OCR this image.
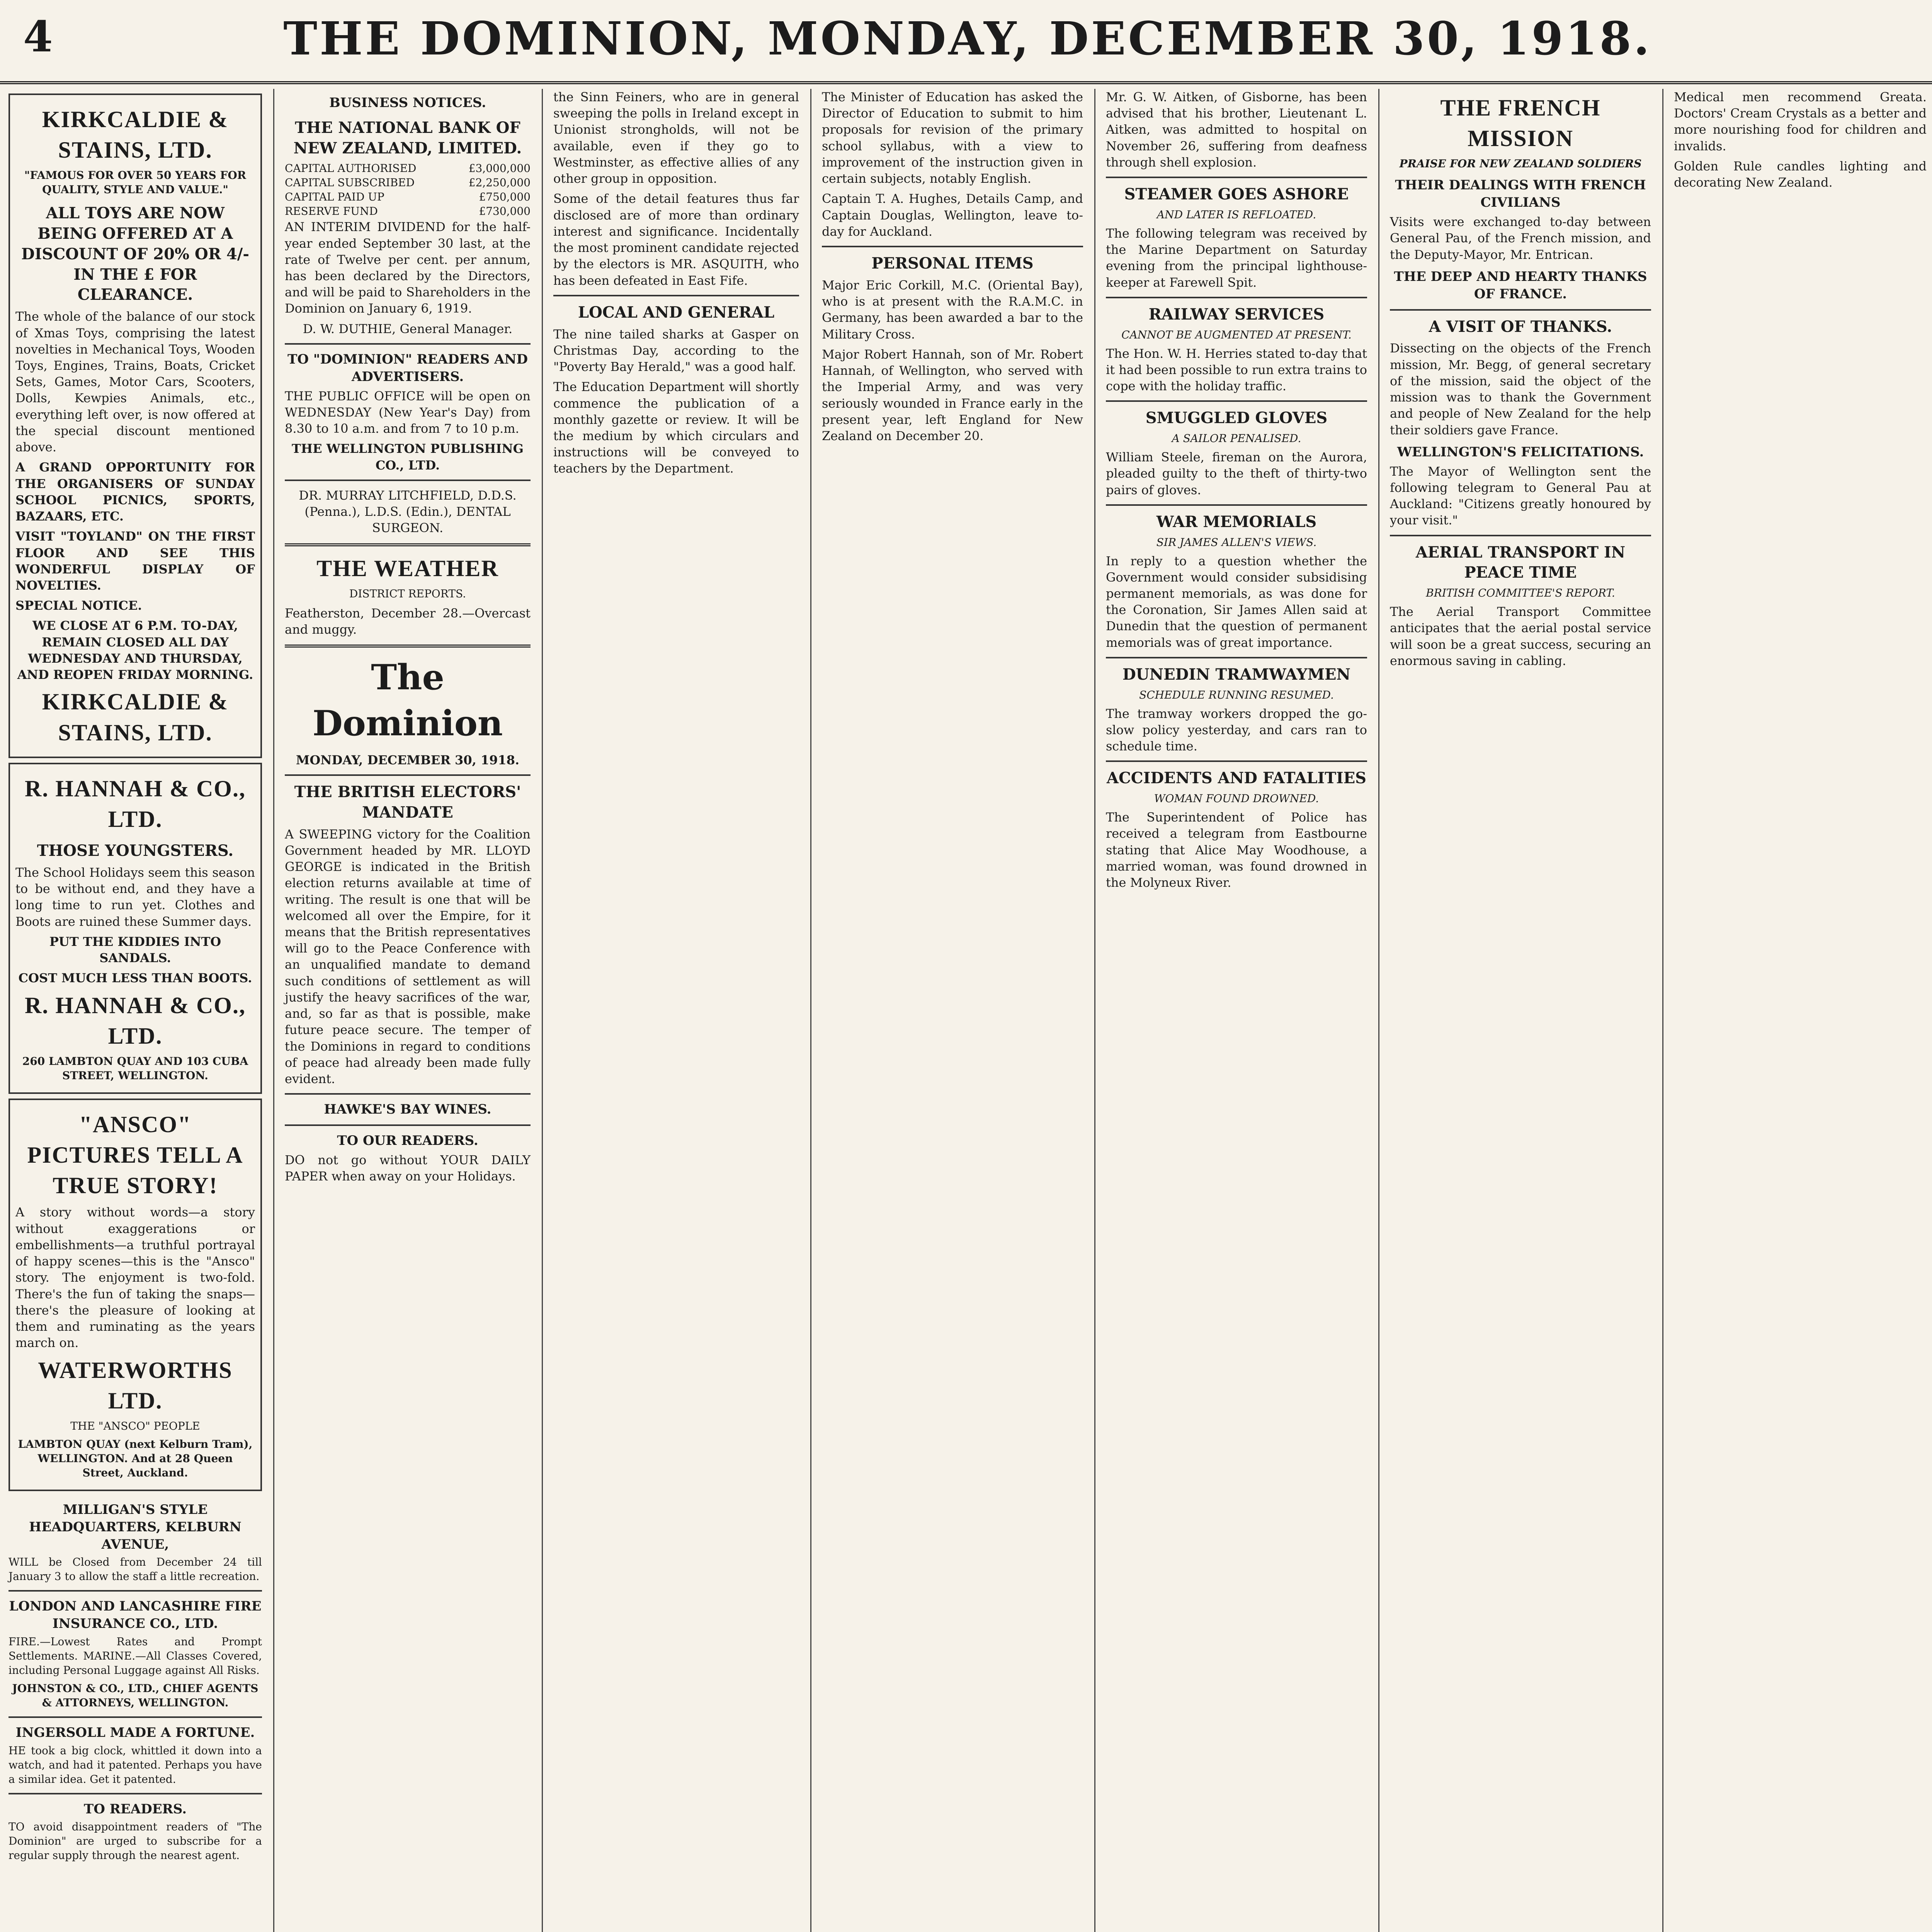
4	THE DOMINION, MONDAY, DECEMBER 30, 1918.
KIRKCALDIE & STAINS, LTD.

"FAMOUS FOR OVER 50 YEARS FOR QUALITY, STYLE AND VALUE."

ALL TOYS ARE NOW BEING OFFERED AT A DISCOUNT OF 20% OR 4/- IN THE £ FOR CLEARANCE.

The whole of the balance of our stock of Xmas Toys, comprising the latest novelties in Mechanical Toys, Wooden Toys, Engines, Trains, Boats, Cricket Sets, Games, Motor Cars, Scooters, Dolls, Kewpies Animals, etc., everything left over, is now offered at the special discount mentioned above.

A GRAND OPPORTUNITY FOR THE ORGANISERS OF SUNDAY SCHOOL PICNICS, SPORTS, BAZAARS, ETC.

VISIT "TOYLAND" ON THE FIRST FLOOR AND SEE THIS WONDERFUL DISPLAY OF NOVELTIES.

SPECIAL NOTICE.

WE CLOSE AT 6 P.M. TO-DAY, REMAIN CLOSED ALL DAY WEDNESDAY AND THURSDAY, AND REOPEN FRIDAY MORNING.

KIRKCALDIE & STAINS, LTD.
R. HANNAH & CO., LTD.
THOSE YOUNGSTERS.

The School Holidays seem this season to be without end, and they have a long time to run yet. Clothes and Boots are ruined these Summer days.

PUT THE KIDDIES INTO SANDALS.

COST MUCH LESS THAN BOOTS.

R. HANNAH & CO., LTD.

260 LAMBTON QUAY AND 103 CUBA STREET, WELLINGTON.

"ANSCO" PICTURES TELL A TRUE STORY!

A story without words—a story without exaggerations or embellishments—a truthful portrayal of happy scenes—this is the "Ansco" story. The enjoyment is two-fold. There's the fun of taking the snaps—there's the pleasure of looking at them and ruminating as the years march on.

WATERWORTHS LTD.

THE "ANSCO" PEOPLE

LAMBTON QUAY (next Kelburn Tram), WELLINGTON. And at 28 Queen Street, Auckland.

MILLIGAN'S STYLE HEADQUARTERS, KELBURN AVENUE,

WILL be Closed from December 24 till January 3 to allow the staff a little recreation.

LONDON AND LANCASHIRE FIRE INSURANCE CO., LTD.

FIRE.—Lowest Rates and Prompt Settlements. MARINE.—All Classes Covered, including Personal Luggage against All Risks.

JOHNSTON & CO., LTD., CHIEF AGENTS & ATTORNEYS, WELLINGTON.

INGERSOLL MADE A FORTUNE.

HE took a big clock, whittled it down into a watch, and had it patented. Perhaps you have a similar idea. Get it patented.

TO READERS.

TO avoid disappointment readers of "The Dominion" are urged to subscribe for a regular supply through the nearest agent.

BUSINESS NOTICES.
THE NATIONAL BANK OF NEW ZEALAND, LIMITED.
CAPITAL AUTHORISED	£3,000,000
CAPITAL SUBSCRIBED	£2,250,000
CAPITAL PAID UP	£750,000
RESERVE FUND	£730,000

AN INTERIM DIVIDEND for the half-year ended September 30 last, at the rate of Twelve per cent. per annum, has been declared by the Directors, and will be paid to Shareholders in the Dominion on January 6, 1919.

D. W. DUTHIE, General Manager.

TO "DOMINION" READERS AND ADVERTISERS.

THE PUBLIC OFFICE will be open on WEDNESDAY (New Year's Day) from 8.30 to 10 a.m. and from 7 to 10 p.m.

THE WELLINGTON PUBLISHING CO., LTD.

DR. MURRAY LITCHFIELD, D.D.S. (Penna.), L.D.S. (Edin.), DENTAL SURGEON.

THE WEATHER

DISTRICT REPORTS.

Featherston, December 28.—Overcast and muggy.

The Dominion

MONDAY, DECEMBER 30, 1918.

THE BRITISH ELECTORS' MANDATE

A SWEEPING victory for the Coalition Government headed by MR. LLOYD GEORGE is indicated in the British election returns available at time of writing. The result is one that will be welcomed all over the Empire, for it means that the British representatives will go to the Peace Conference with an unqualified mandate to demand such conditions of settlement as will justify the heavy sacrifices of the war, and, so far as that is possible, make future peace secure. The temper of the Dominions in regard to conditions of peace had already been made fully evident.

HAWKE'S BAY WINES.
TO OUR READERS.

DO not go without YOUR DAILY PAPER when away on your Holidays.

the Sinn Feiners, who are in general sweeping the polls in Ireland except in Unionist strongholds, will not be available, even if they go to Westminster, as effective allies of any other group in opposition.

Some of the detail features thus far disclosed are of more than ordinary interest and significance. Incidentally the most prominent candidate rejected by the electors is MR. ASQUITH, who has been defeated in East Fife.

LOCAL AND GENERAL

The nine tailed sharks at Gasper on Christmas Day, according to the "Poverty Bay Herald," was a good half.

The Education Department will shortly commence the publication of a monthly gazette or review. It will be the medium by which circulars and instructions will be conveyed to teachers by the Department.

The Minister of Education has asked the Director of Education to submit to him proposals for revision of the primary school syllabus, with a view to improvement of the instruction given in certain subjects, notably English.

Captain T. A. Hughes, Details Camp, and Captain Douglas, Wellington, leave to-day for Auckland.

PERSONAL ITEMS

Major Eric Corkill, M.C. (Oriental Bay), who is at present with the R.A.M.C. in Germany, has been awarded a bar to the Military Cross.

Major Robert Hannah, son of Mr. Robert Hannah, of Wellington, who served with the Imperial Army, and was very seriously wounded in France early in the present year, left England for New Zealand on December 20.

Mr. G. W. Aitken, of Gisborne, has been advised that his brother, Lieutenant L. Aitken, was admitted to hospital on November 26, suffering from deafness through shell explosion.

STEAMER GOES ASHORE

AND LATER IS REFLOATED.

The following telegram was received by the Marine Department on Saturday evening from the principal lighthouse-keeper at Farewell Spit.

RAILWAY SERVICES

CANNOT BE AUGMENTED AT PRESENT.

The Hon. W. H. Herries stated to-day that it had been possible to run extra trains to cope with the holiday traffic.

SMUGGLED GLOVES

A SAILOR PENALISED.

William Steele, fireman on the Aurora, pleaded guilty to the theft of thirty-two pairs of gloves.

WAR MEMORIALS

SIR JAMES ALLEN'S VIEWS.

In reply to a question whether the Government would consider subsidising permanent memorials, as was done for the Coronation, Sir James Allen said at Dunedin that the question of permanent memorials was of great importance.

DUNEDIN TRAMWAYMEN

SCHEDULE RUNNING RESUMED.

The tramway workers dropped the go-slow policy yesterday, and cars ran to schedule time.

ACCIDENTS AND FATALITIES

WOMAN FOUND DROWNED.

The Superintendent of Police has received a telegram from Eastbourne stating that Alice May Woodhouse, a married woman, was found drowned in the Molyneux River.

THE FRENCH MISSION

PRAISE FOR NEW ZEALAND SOLDIERS

THEIR DEALINGS WITH FRENCH CIVILIANS

Visits were exchanged to-day between General Pau, of the French mission, and the Deputy-Mayor, Mr. Entrican.

THE DEEP AND HEARTY THANKS OF FRANCE.
A VISIT OF THANKS.

Dissecting on the objects of the French mission, Mr. Begg, of general secretary of the mission, said the object of the mission was to thank the Government and people of New Zealand for the help their soldiers gave France.

WELLINGTON'S FELICITATIONS.

The Mayor of Wellington sent the following telegram to General Pau at Auckland: "Citizens greatly honoured by your visit."

AERIAL TRANSPORT IN PEACE TIME

BRITISH COMMITTEE'S REPORT.

The Aerial Transport Committee anticipates that the aerial postal service will soon be a great success, securing an enormous saving in cabling.

Medical men recommend Greata. Doctors' Cream Crystals as a better and more nourishing food for children and invalids.

Golden Rule candles lighting and decorating New Zealand.
